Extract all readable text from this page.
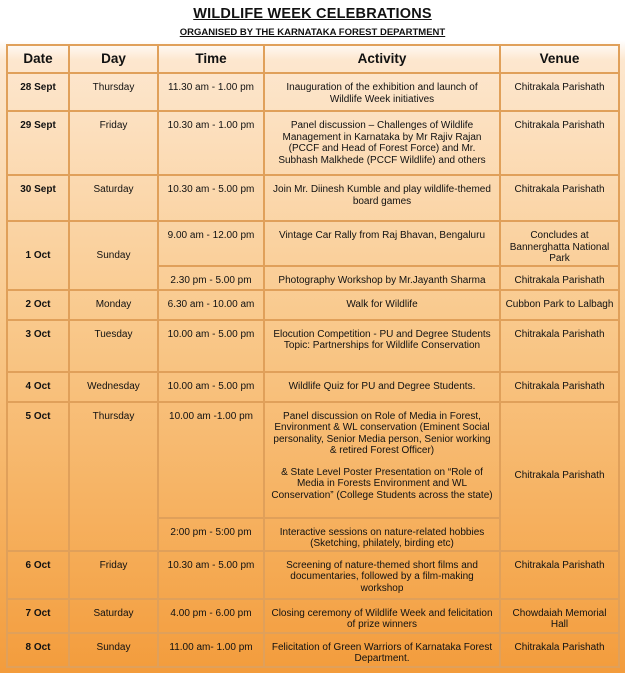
WILDLIFE WEEK CELEBRATIONS
ORGANISED BY THE KARNATAKA FOREST DEPARTMENT
Date	Day	Time	Activity	Venue
28 Sept	Thursday	11.30 am - 1.00 pm	Inauguration of the exhibition and launch of Wildlife Week initiatives	Chitrakala Parishath
29 Sept	Friday	10.30 am - 1.00 pm	Panel discussion – Challenges of Wildlife Management in Karnataka by Mr Rajiv Rajan (PCCF and Head of Forest Force) and Mr. Subhash Malkhede (PCCF Wildlife) and others	Chitrakala Parishath
30 Sept	Saturday	10.30 am - 5.00 pm	Join Mr. Diinesh Kumble and play wildlife-themed board games	Chitrakala Parishath
1 Oct	Sunday	9.00 am - 12.00 pm	Vintage Car Rally from Raj Bhavan, Bengaluru	Concludes at Bannerghatta National Park
		2.30 pm - 5.00 pm	Photography Workshop by Mr.Jayanth Sharma	Chitrakala Parishath
2 Oct	Monday	6.30 am - 10.00 am	Walk for Wildlife	Cubbon Park to Lalbagh
3 Oct	Tuesday	10.00 am - 5.00 pm	Elocution Competition - PU and Degree Students
Topic: Partnerships for Wildlife Conservation	Chitrakala Parishath
4 Oct	Wednesday	10.00 am - 5.00 pm	Wildlife Quiz for PU and Degree Students.	Chitrakala Parishath
5 Oct	Thursday	10.00 am -1.00 pm	Panel discussion on Role of Media in Forest, Environment & WL conservation (Eminent Social personality, Senior Media person, Senior working & retired Forest Officer)
& State Level Poster Presentation on “Role of Media in Forests Environment and WL Conservation” (College Students across the state)	Chitrakala Parishath
		2:00 pm - 5:00 pm	Interactive sessions on nature-related hobbies (Sketching, philately, birding etc)	
6 Oct	Friday	10.30 am - 5.00 pm	Screening of nature-themed short films and documentaries, followed by a film-making workshop	Chitrakala Parishath
7 Oct	Saturday	4.00 pm - 6.00 pm	Closing ceremony of Wildlife Week and felicitation of prize winners	Chowdaiah Memorial Hall
8 Oct	Sunday	11.00 am- 1.00 pm	Felicitation of Green Warriors of Karnataka Forest Department.	Chitrakala Parishath
